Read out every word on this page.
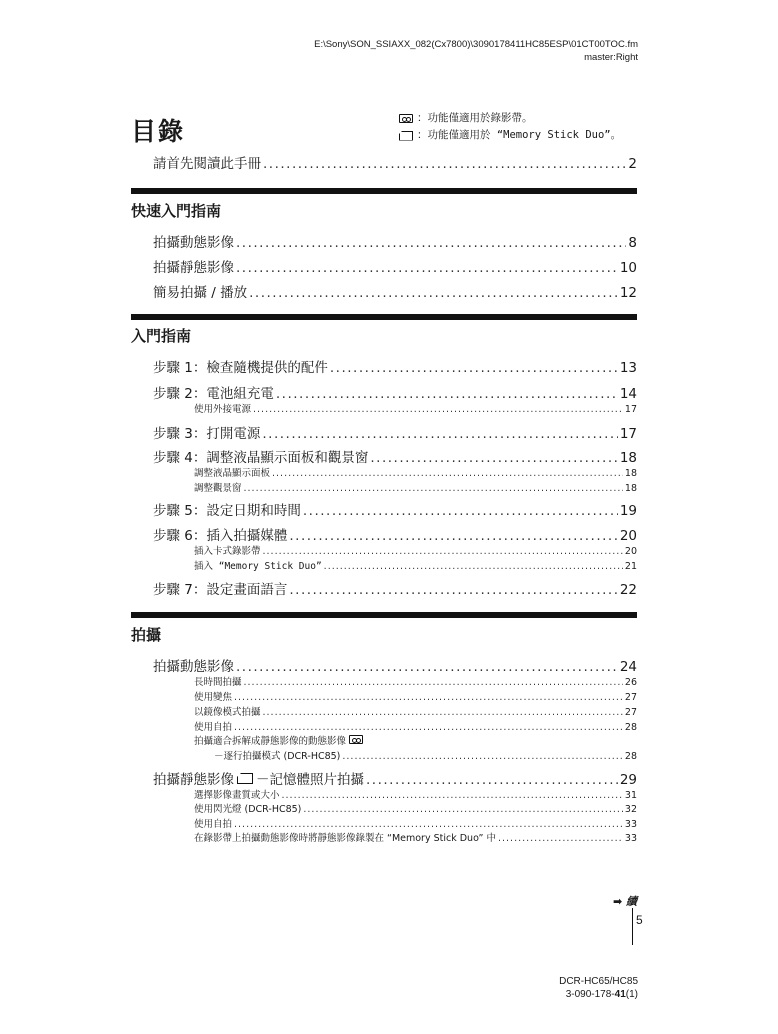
E:\Sony\SON_SSIAXX_082(Cx7800)\3090178411HC85ESP\01CT00TOC.fm
master:Right
目錄	：功能僅適用於錄影帶。
：功能僅適用於 “Memory Stick Duo”。
請首先閱讀此手冊 .....	2
快速入門指南
拍攝動態影像 .....	8
拍攝靜態影像 .....	10
簡易拍攝 / 播放 .....	12
入門指南
步驟 1：檢查隨機提供的配件 .....	13
步驟 2：電池組充電 .....	14
使用外接電源 .....	17
步驟 3：打開電源 .....	17
步驟 4：調整液晶顯示面板和觀景窗 .....	18
調整液晶顯示面板 .....	18
調整觀景窗 .....	18
步驟 5：設定日期和時間 .....	19
步驟 6：插入拍攝媒體 .....	20
插入卡式錄影帶 .....	20
插入 “Memory Stick Duo” .....	21
步驟 7：設定畫面語言 .....	22
拍攝
拍攝動態影像 .....	24
長時間拍攝 .....	26
使用變焦 .....	27
以鏡像模式拍攝 .....	27
使用自拍 .....	28
拍攝適合拆解成靜態影像的動態影像
－逐行拍攝模式 (DCR-HC85) .....	28
拍攝靜態影像 －記憶體照片拍攝 .....	29
選擇影像畫質或大小 .....	31
使用閃光燈 (DCR-HC85) .....	32
使用自拍 .....	33
在錄影帶上拍攝動態影像時將靜態影像錄製在 “Memory Stick Duo” 中 .....	33
➡ 續
5
DCR-HC65/HC85
3-090-178-41(1)
